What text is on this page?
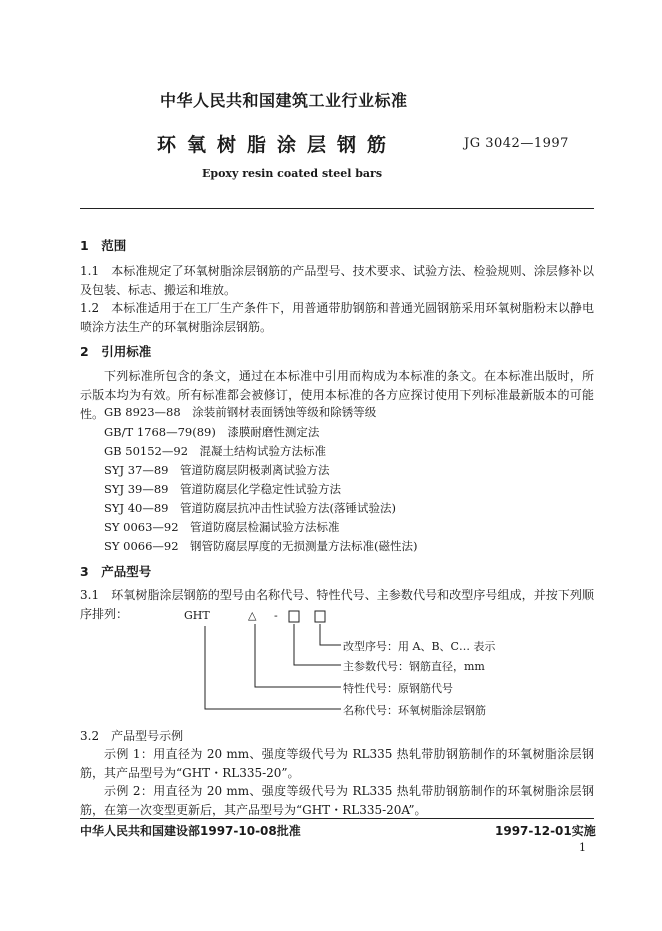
中华人民共和国建筑工业行业标准
环氧树脂涂层钢筋	JG 3042—1997
Epoxy resin coated steel bars
1　范围
1.1　本标准规定了环氧树脂涂层钢筋的产品型号、技术要求、试验方法、检验规则、涂层修补以及包装、标志、搬运和堆放。
1.2　本标准适用于在工厂生产条件下，用普通带肋钢筋和普通光圆钢筋采用环氧树脂粉末以静电喷涂方法生产的环氧树脂涂层钢筋。
2　引用标准
下列标准所包含的条文，通过在本标准中引用而构成为本标准的条文。在本标准出版时，所示版本均为有效。所有标准都会被修订，使用本标准的各方应探讨使用下列标准最新版本的可能性。 GB 8923—88　涂装前钢材表面锈蚀等级和除锈等级
GB/T 1768—79(89)　漆膜耐磨性测定法
GB 50152—92　混凝土结构试验方法标准
SYJ 37—89　管道防腐层阴极剥离试验方法
SYJ 39—89　管道防腐层化学稳定性试验方法
SYJ 40—89　管道防腐层抗冲击性试验方法(落锤试验法)
SY 0063—92　管道防腐层检漏试验方法标准
SY 0066—92　钢管防腐层厚度的无损测量方法标准(磁性法)
3　产品型号
3.1　环氧树脂涂层钢筋的型号由名称代号、特性代号、主参数代号和改型序号组成，并按下列顺序排列：	GHT	△ -
改型序号：用 A、B、C… 表示
主参数代号：钢筋直径，mm
特性代号：原钢筋代号
名称代号：环氧树脂涂层钢筋
3.2　产品型号示例
示例 1：用直径为 20 mm、强度等级代号为 RL335 热轧带肋钢筋制作的环氧树脂涂层钢筋，其产品型号为“GHT・RL335-20”。
示例 2：用直径为 20 mm、强度等级代号为 RL335 热轧带肋钢筋制作的环氧树脂涂层钢筋，在第一次变型更新后，其产品型号为“GHT・RL335-20A”。
中华人民共和国建设部1997-10-08批准	1997-12-01实施
1
